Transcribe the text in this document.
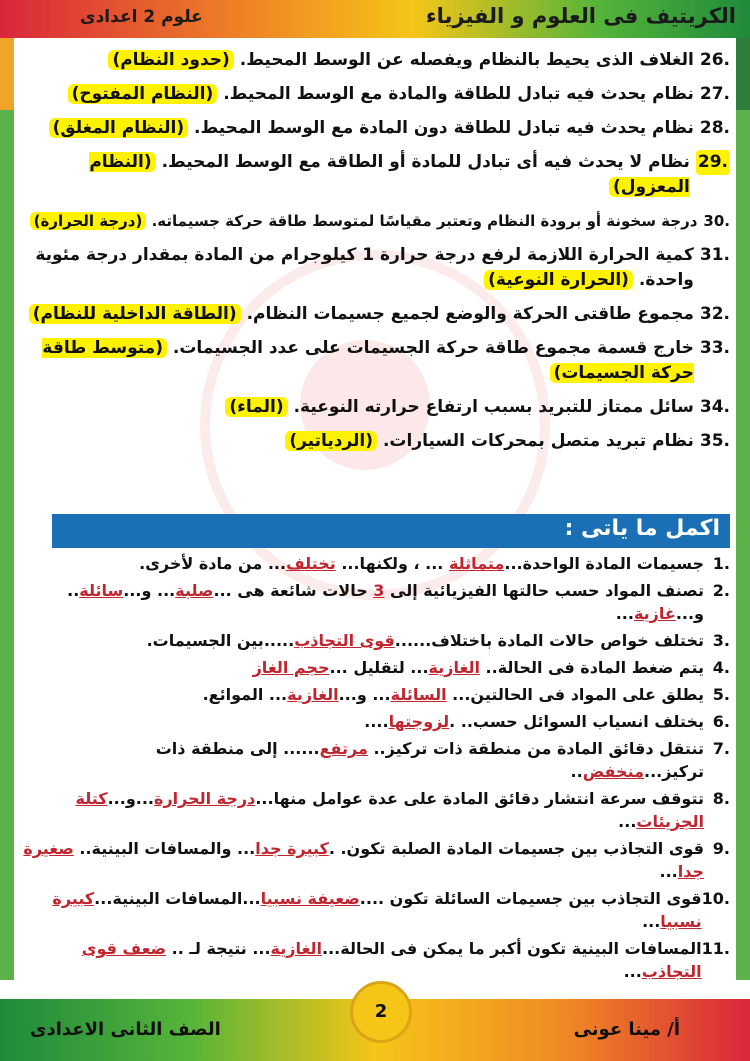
الكريتيف فى العلوم و الفيزياء
علوم 2 اعدادى
.26
الغلاف الذى يحيط بالنظام ويفصله عن الوسط المحيط. (حدود النظام)
.27
نظام يحدث فيه تبادل للطاقة والمادة مع الوسط المحيط. (النظام المفتوح)
.28
نظام يحدث فيه تبادل للطاقة دون المادة مع الوسط المحيط. (النظام المغلق)
.29
نظام لا يحدث فيه أى تبادل للمادة أو الطاقة مع الوسط المحيط. (النظام المعزول)
.30
درجة سخونة أو برودة النظام وتعتبر مقياسًا لمتوسط طاقة حركة جسيماته. (درجة الحرارة)
.31
كمية الحرارة اللازمة لرفع درجة حرارة 1 كيلوجرام من المادة بمقدار درجة مئوية واحدة. (الحرارة النوعية)
.32
مجموع طاقتى الحركة والوضع لجميع جسيمات النظام. (الطاقة الداخلية للنظام)
.33
خارج قسمة مجموع طاقة حركة الجسيمات على عدد الجسيمات. (متوسط طاقة حركة الجسيمات)
.34
سائل ممتاز للتبريد بسبب ارتفاع حرارته النوعية. (الماء)
.35
نظام تبريد متصل بمحركات السيارات. (الردياتير)
اكمل ما ياتى :
.1
جسيمات المادة الواحدة...متماثلة ... ، ولكنها... تختلف... من مادة لأخرى.
.2
تصنف المواد حسب حالتها الفيزيائية إلى 3 حالات شائعة هى ...صلبة... و...سائلة.. و...غازية...
.3
تختلف خواص حالات المادة باختلاف......قوى التجاذب.....بين الجسيمات.
.4
يتم ضغط المادة فى الحالة.. الغازية... لتقليل ...حجم الغاز
.5
يطلق على المواد فى الحالتين... السائلة... و...الغازية... الموائع.
.6
يختلف انسياب السوائل حسب.. .لزوجتها....
.7
تنتقل دقائق المادة من منطقة ذات تركيز.. مرتفع...... إلى منطقة ذات تركيز...منخفض..
.8
تتوقف سرعة انتشار دقائق المادة على عدة عوامل منها...درجة الحرارة...و...كتلة الجزيئات...
.9
قوى التجاذب بين جسيمات المادة الصلبة تكون. .كبيرة جدا... والمسافات البينية.. صغيرة جدا...
.10
قوى التجاذب بين جسيمات السائلة تكون ....ضعيفة نسبيا...المسافات البينية...كبيرة نسبيا...
.11
المسافات البينية تكون أكبر ما يمكن فى الحالة...الغازية... نتيجة لـ .. ضعف قوى التجاذب...
أ/ مينا عونى
2
الصف الثانى الاعدادى
